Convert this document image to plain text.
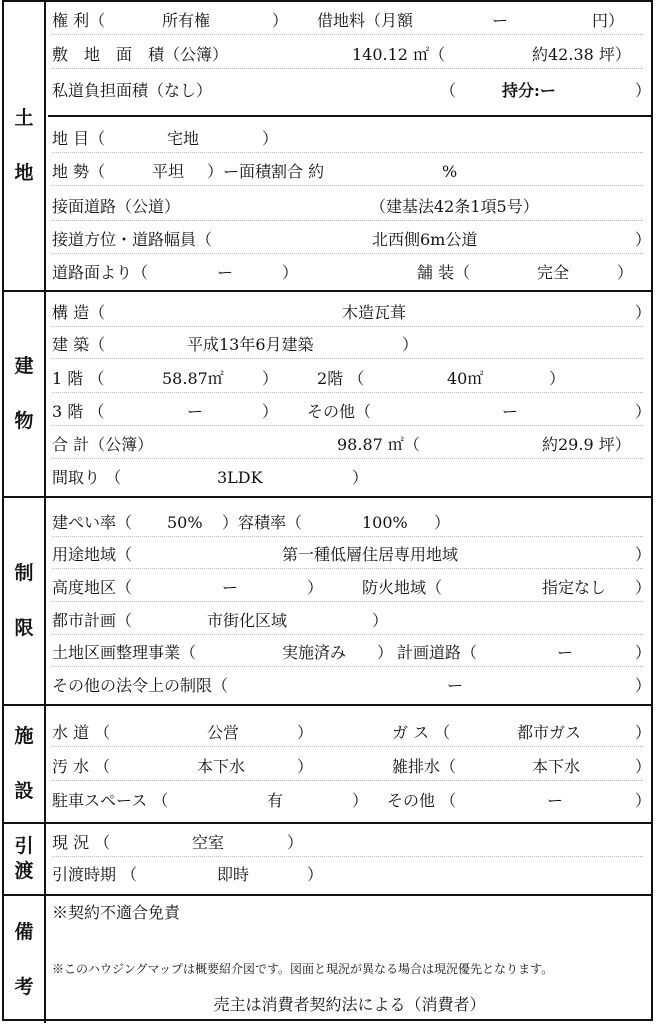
土
地
権 利（	所有権	） 借地料（月額	ー	円）
敷　地　面　積（公簿）	140.12 ㎡（	約42.38 坪）
私道負担面積（なし）	（	持分:ー	）
地 目（	宅地	）
地 勢（	平坦 ）ー面積割合 約	%
接面道路（公道）	（建基法42条1項5号）
接道方位・道路幅員（	北西側6m公道	）
道路面より（	ー	）	舗 装（	完全	）
建
物
構 造（	木造瓦葺	）
建 築（	平成13年6月建築	）
1 階 （	58.87㎡ ） 2階 （	40㎡	）
3 階 （	ー	） その他（	ー	）
合 計（公簿）	98.87 ㎡（	約29.9 坪）
間取り （	3LDK	）
制
限
建ぺい率（ 50% ）容積率（	100% ）
用途地域（	第一種低層住居専用地域	）
高度地区（	ー	） 防火地域（	指定なし ）
都市計画（	市街化区域	）
土地区画整理事業（	実施済み ） 計画道路（	ー	）
その他の法令上の制限（	ー	）
施
設
水 道 （	公営	）	ガ ス （	都市ガス	）
汚 水 （	本下水	）	雑排水（	本下水	）
駐車スペース （	有	） その他 （	ー	）
引
渡
現 況 （	空室	）
引渡時期 （	即時	）
備
考
※契約不適合免責
※このハウジングマップは概要紹介図です。図面と現況が異なる場合は現況優先となります。
売主は消費者契約法による（消費者）
